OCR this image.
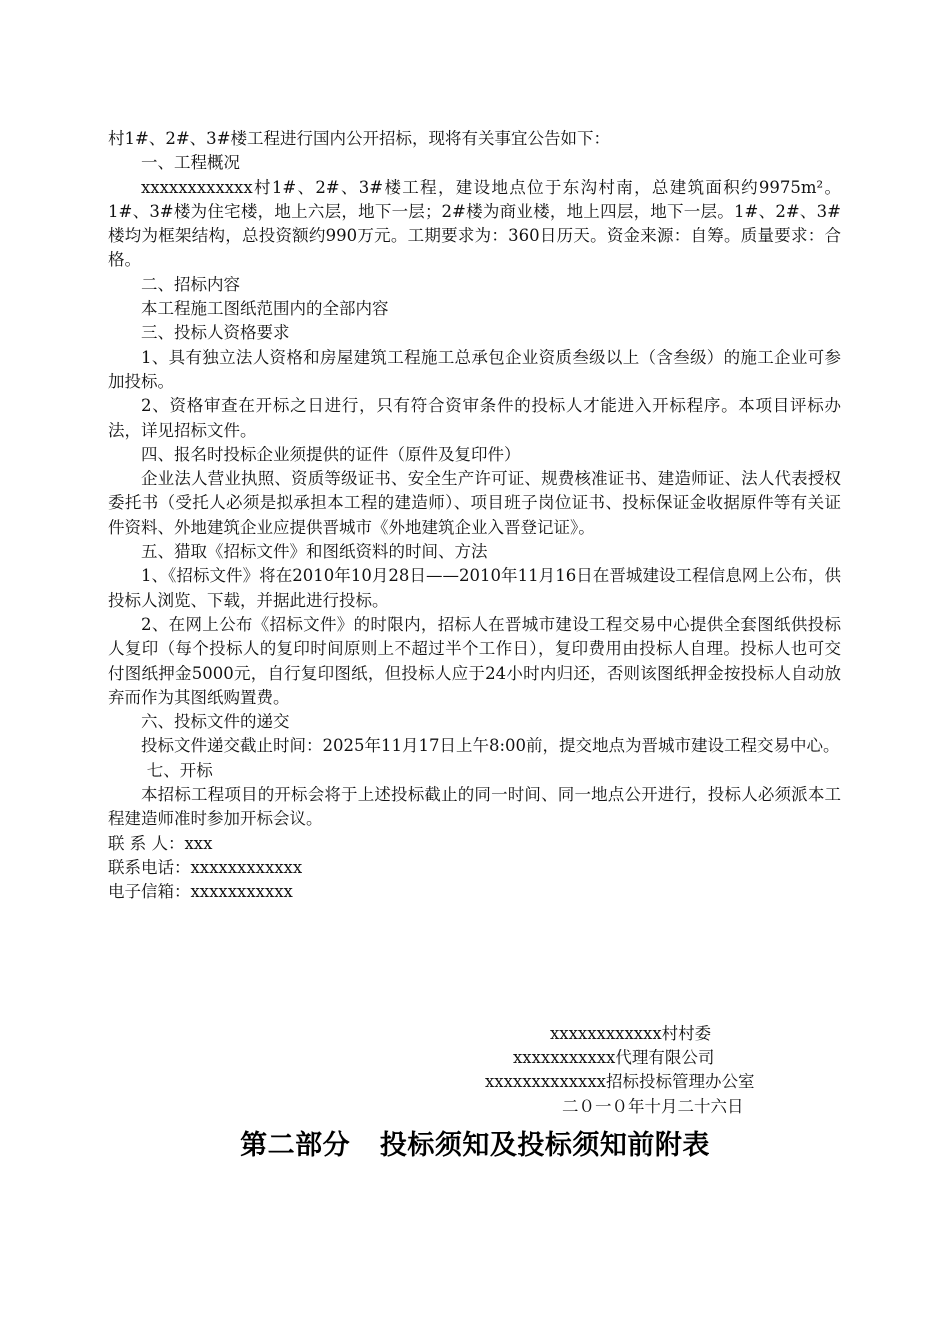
村1#、2#、3#楼工程进行国内公开招标，现将有关事宜公告如下：

一、工程概况

xxxxxxxxxxxx村1#、2#、3#楼工程，建设地点位于东沟村南，总建筑面积约9975m²。1#、3#楼为住宅楼，地上六层，地下一层；2#楼为商业楼，地上四层，地下一层。1#、2#、3#楼均为框架结构，总投资额约990万元。工期要求为：360日历天。资金来源：自筹。质量要求：合格。

二、招标内容

本工程施工图纸范围内的全部内容

三、投标人资格要求

1、具有独立法人资格和房屋建筑工程施工总承包企业资质叁级以上（含叁级）的施工企业可参加投标。

2、资格审查在开标之日进行，只有符合资审条件的投标人才能进入开标程序。本项目评标办法，详见招标文件。

四、报名时投标企业须提供的证件（原件及复印件）

企业法人营业执照、资质等级证书、安全生产许可证、规费核准证书、建造师证、法人代表授权委托书（受托人必须是拟承担本工程的建造师）、项目班子岗位证书、投标保证金收据原件等有关证件资料、外地建筑企业应提供晋城市《外地建筑企业入晋登记证》。

五、猎取《招标文件》和图纸资料的时间、方法

1、《招标文件》将在2010年10月28日——2010年11月16日在晋城建设工程信息网上公布，供投标人浏览、下载，并据此进行投标。

2、在网上公布《招标文件》的时限内，招标人在晋城市建设工程交易中心提供全套图纸供投标人复印（每个投标人的复印时间原则上不超过半个工作日），复印费用由投标人自理。投标人也可交付图纸押金5000元，自行复印图纸，但投标人应于24小时内归还，否则该图纸押金按投标人自动放弃而作为其图纸购置费。

六、投标文件的递交

投标文件递交截止时间：2025年11月17日上午8:00前，提交地点为晋城市建设工程交易中心。

七、开标

本招标工程项目的开标会将于上述投标截止的同一时间、同一地点公开进行，投标人必须派本工程建造师准时参加开标会议。

联 系 人：xxx

联系电话：xxxxxxxxxxxx

电子信箱：xxxxxxxxxxx

xxxxxxxxxxxx村村委
xxxxxxxxxxx代理有限公司
xxxxxxxxxxxxx招标投标管理办公室
二０一０年十月二十六日
第二部分   投标须知及投标须知前附表
